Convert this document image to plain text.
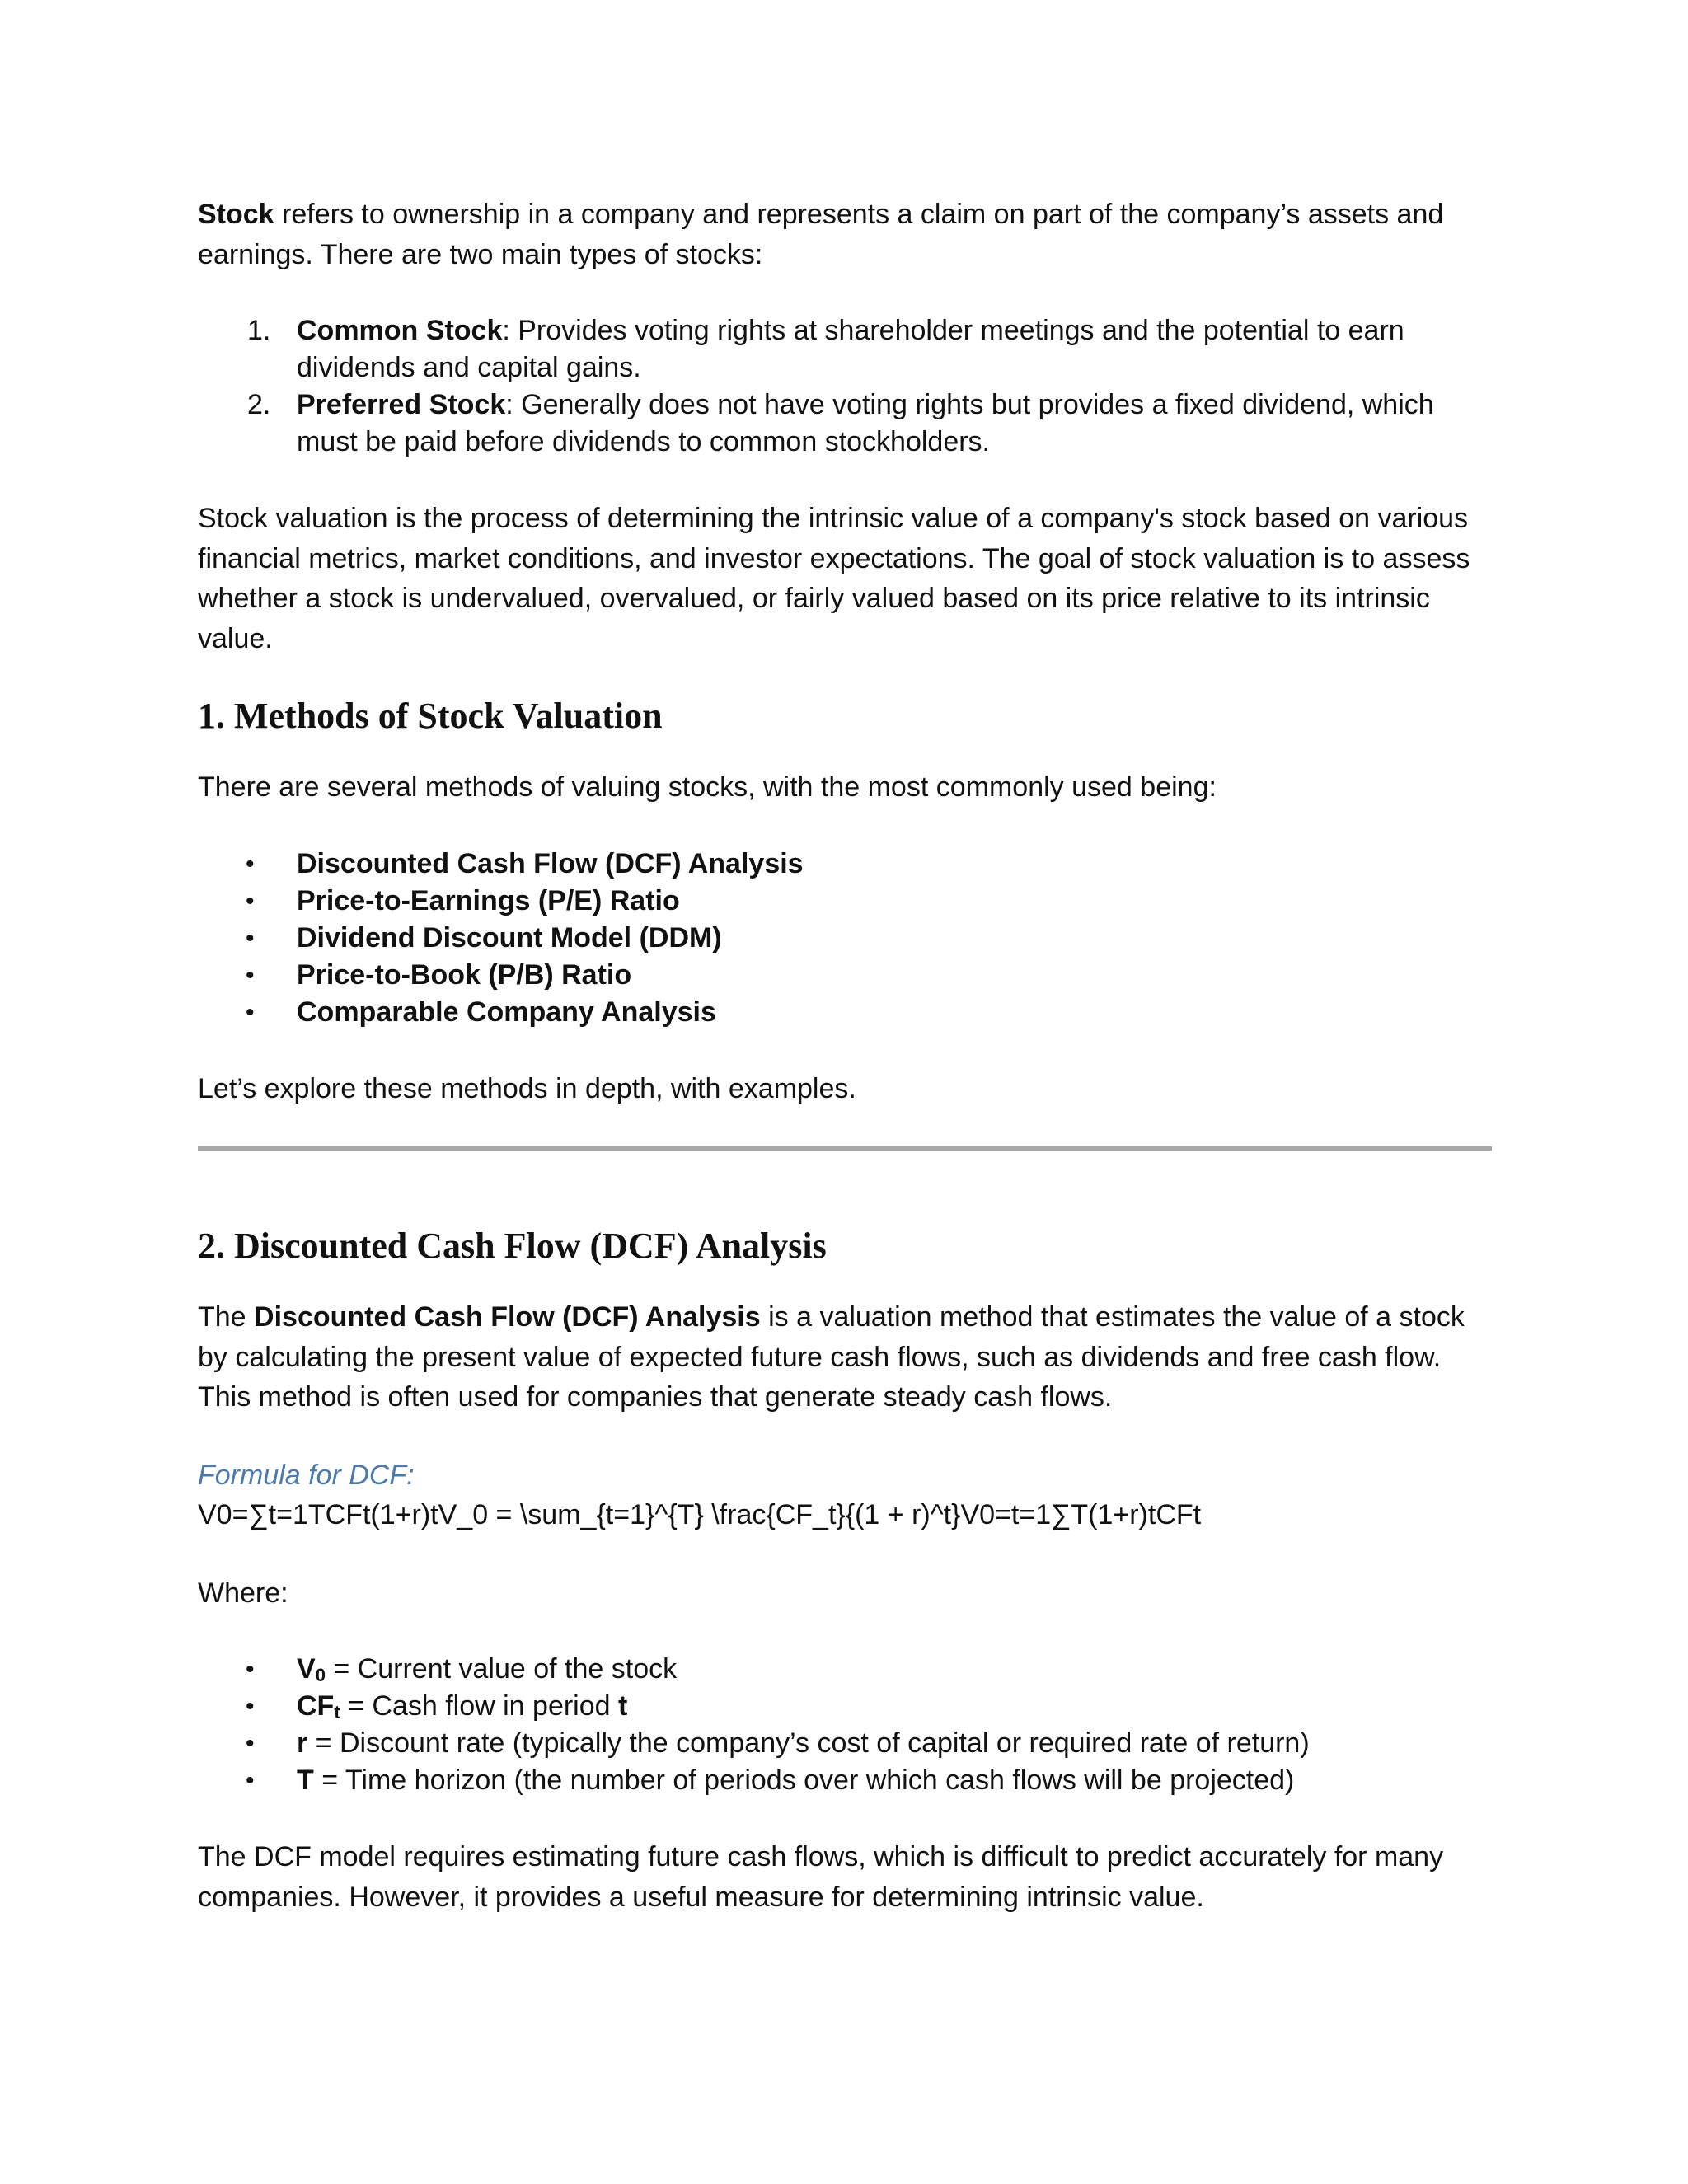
Stock refers to ownership in a company and represents a claim on part of the company’s assets and earnings. There are two main types of stocks:

1. Common Stock: Provides voting rights at shareholder meetings and the potential to earn dividends and capital gains.
2. Preferred Stock: Generally does not have voting rights but provides a fixed dividend, which must be paid before dividends to common stockholders.

Stock valuation is the process of determining the intrinsic value of a company's stock based on various financial metrics, market conditions, and investor expectations. The goal of stock valuation is to assess whether a stock is undervalued, overvalued, or fairly valued based on its price relative to its intrinsic value.

1. Methods of Stock Valuation

There are several methods of valuing stocks, with the most commonly used being:

• Discounted Cash Flow (DCF) Analysis
• Price-to-Earnings (P/E) Ratio
• Dividend Discount Model (DDM)
• Price-to-Book (P/B) Ratio
• Comparable Company Analysis

Let’s explore these methods in depth, with examples.

2. Discounted Cash Flow (DCF) Analysis

The Discounted Cash Flow (DCF) Analysis is a valuation method that estimates the value of a stock by calculating the present value of expected future cash flows, such as dividends and free cash flow. This method is often used for companies that generate steady cash flows.

Formula for DCF:

V0=∑t=1TCFt(1+r)tV_0 = \sum_{t=1}^{T} \frac{CF_t}{(1 + r)^t}V0=t=1∑T(1+r)tCFt

Where:

• $V_0$ = Current value of the stock
• $CF_t$ = Cash flow in period t
• r = Discount rate (typically the company’s cost of capital or required rate of return)
• T = Time horizon (the number of periods over which cash flows will be projected)

The DCF model requires estimating future cash flows, which is difficult to predict accurately for many companies. However, it provides a useful measure for determining intrinsic value.
